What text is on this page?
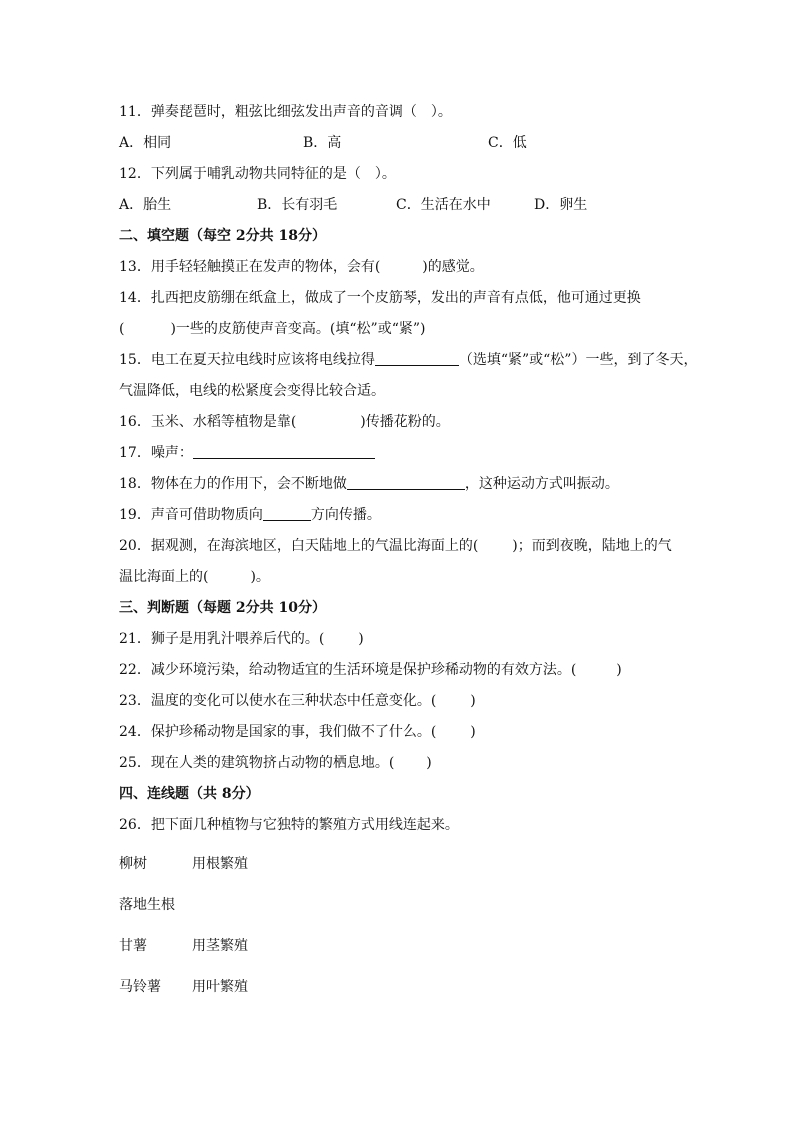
11．弹奏琵琶时，粗弦比细弦发出声音的音调（　）。
A．相同	B．高	C．低
12．下列属于哺乳动物共同特征的是（　）。
A．胎生	B．长有羽毛	C．生活在水中	D．卵生
二、填空题（每空 2分共 18分）
13．用手轻轻触摸正在发声的物体，会有(	)的感觉。
14．扎西把皮筋绷在纸盒上，做成了一个皮筋琴，发出的声音有点低，他可通过更换
(	)一些的皮筋使声音变高。(填“松”或“紧”)
15．电工在夏天拉电线时应该将电线拉得	（选填“紧”或“松”）一些，到了冬天，
气温降低，电线的松紧度会变得比较合适。
16．玉米、水稻等植物是靠(	)传播花粉的。
17．噪声：
18．物体在力的作用下，会不断地做	，这种运动方式叫振动。
19．声音可借助物质向	方向传播。
20．据观测，在海滨地区，白天陆地上的气温比海面上的( )；而到夜晚，陆地上的气
温比海面上的(	)。
三、判断题（每题 2分共 10分）
21．狮子是用乳汁喂养后代的。( )
22．减少环境污染，给动物适宜的生活环境是保护珍稀动物的有效方法。(	)
23．温度的变化可以使水在三种状态中任意变化。( )
24．保护珍稀动物是国家的事，我们做不了什么。( )
25．现在人类的建筑物挤占动物的栖息地。( )
四、连线题（共 8分）
26．把下面几种植物与它独特的繁殖方式用线连起来。
柳树	用根繁殖
落地生根
甘薯	用茎繁殖
马铃薯 用叶繁殖
